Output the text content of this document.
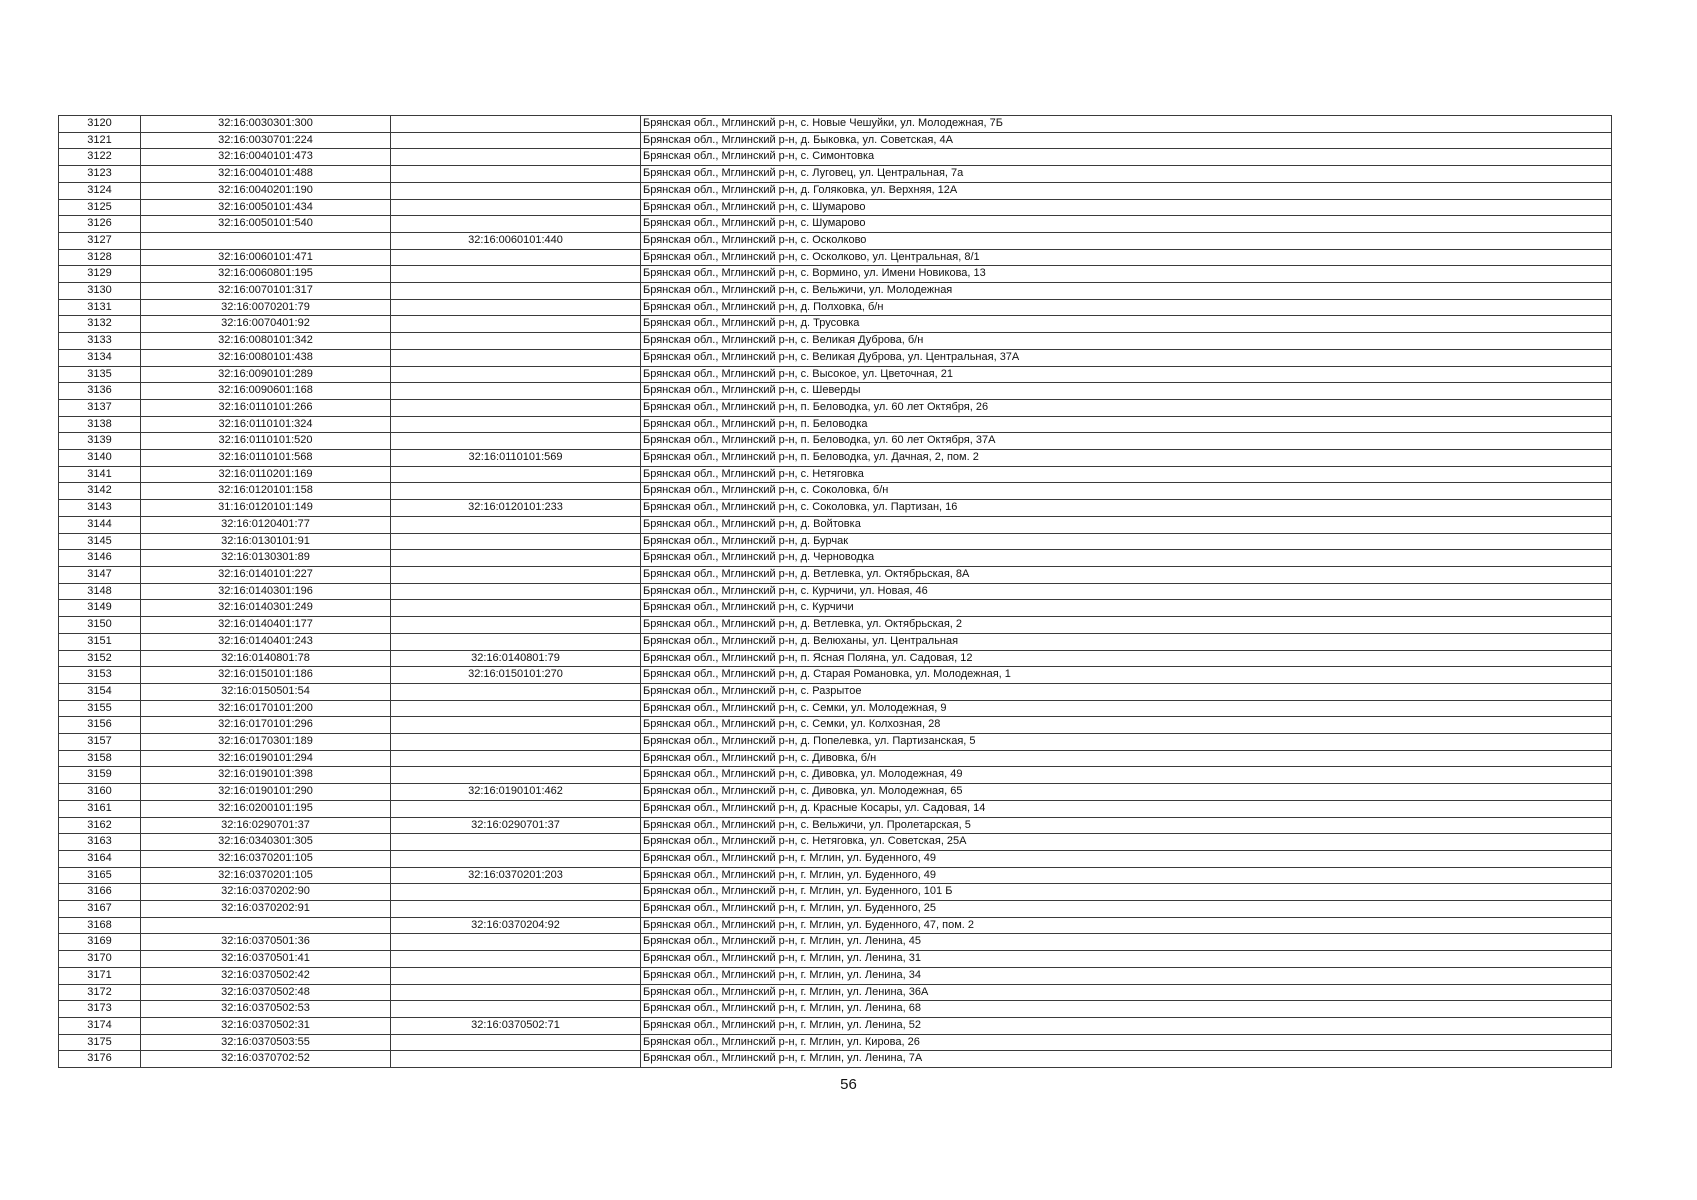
3120	32:16:0030301:300		Брянская обл., Мглинский р-н, с. Новые Чешуйки, ул. Молодежная, 7Б
3121	32:16:0030701:224		Брянская обл., Мглинский р-н, д. Быковка, ул. Советская, 4А
3122	32:16:0040101:473		Брянская обл., Мглинский р-н, с. Симонтовка
3123	32:16:0040101:488		Брянская обл., Мглинский р-н, с. Луговец, ул. Центральная, 7а
3124	32:16:0040201:190		Брянская обл., Мглинский р-н, д. Голяковка, ул. Верхняя, 12А
3125	32:16:0050101:434		Брянская обл., Мглинский р-н, с. Шумарово
3126	32:16:0050101:540		Брянская обл., Мглинский р-н, с. Шумарово
3127		32:16:0060101:440	Брянская обл., Мглинский р-н, с. Осколково
3128	32:16:0060101:471		Брянская обл., Мглинский р-н, с. Осколково, ул. Центральная, 8/1
3129	32:16:0060801:195		Брянская обл., Мглинский р-н, с. Вормино, ул. Имени Новикова, 13
3130	32:16:0070101:317		Брянская обл., Мглинский р-н, с. Вельжичи, ул. Молодежная
3131	32:16:0070201:79		Брянская обл., Мглинский р-н, д. Полховка, б/н
3132	32:16:0070401:92		Брянская обл., Мглинский р-н, д. Трусовка
3133	32:16:0080101:342		Брянская обл., Мглинский р-н, с. Великая Дуброва, б/н
3134	32:16:0080101:438		Брянская обл., Мглинский р-н, с. Великая Дуброва, ул. Центральная, 37А
3135	32:16:0090101:289		Брянская обл., Мглинский р-н, с. Высокое, ул. Цветочная, 21
3136	32:16:0090601:168		Брянская обл., Мглинский р-н, с. Шеверды
3137	32:16:0110101:266		Брянская обл., Мглинский р-н, п. Беловодка, ул. 60 лет Октября, 26
3138	32:16:0110101:324		Брянская обл., Мглинский р-н, п. Беловодка
3139	32:16:0110101:520		Брянская обл., Мглинский р-н, п. Беловодка, ул. 60 лет Октября, 37А
3140	32:16:0110101:568	32:16:0110101:569	Брянская обл., Мглинский р-н, п. Беловодка, ул. Дачная, 2, пом. 2
3141	32:16:0110201:169		Брянская обл., Мглинский р-н, с. Нетяговка
3142	32:16:0120101:158		Брянская обл., Мглинский р-н, с. Соколовка, б/н
3143	31:16:0120101:149	32:16:0120101:233	Брянская обл., Мглинский р-н, с. Соколовка, ул. Партизан, 16
3144	32:16:0120401:77		Брянская обл., Мглинский р-н, д. Войтовка
3145	32:16:0130101:91		Брянская обл., Мглинский р-н, д. Бурчак
3146	32:16:0130301:89		Брянская обл., Мглинский р-н, д. Черноводка
3147	32:16:0140101:227		Брянская обл., Мглинский р-н, д. Ветлевка, ул. Октябрьская, 8А
3148	32:16:0140301:196		Брянская обл., Мглинский р-н, с. Курчичи, ул. Новая, 46
3149	32:16:0140301:249		Брянская обл., Мглинский р-н, с. Курчичи
3150	32:16:0140401:177		Брянская обл., Мглинский р-н, д. Ветлевка, ул. Октябрьская, 2
3151	32:16:0140401:243		Брянская обл., Мглинский р-н, д. Велюханы, ул. Центральная
3152	32:16:0140801:78	32:16:0140801:79	Брянская обл., Мглинский р-н, п. Ясная Поляна, ул. Садовая, 12
3153	32:16:0150101:186	32:16:0150101:270	Брянская обл., Мглинский р-н, д. Старая Романовка, ул. Молодежная, 1
3154	32:16:0150501:54		Брянская обл., Мглинский р-н, с. Разрытое
3155	32:16:0170101:200		Брянская обл., Мглинский р-н, с. Семки, ул. Молодежная, 9
3156	32:16:0170101:296		Брянская обл., Мглинский р-н, с. Семки, ул. Колхозная, 28
3157	32:16:0170301:189		Брянская обл., Мглинский р-н, д. Попелевка, ул. Партизанская, 5
3158	32:16:0190101:294		Брянская обл., Мглинский р-н, с. Дивовка, б/н
3159	32:16:0190101:398		Брянская обл., Мглинский р-н, с. Дивовка, ул. Молодежная, 49
3160	32:16:0190101:290	32:16:0190101:462	Брянская обл., Мглинский р-н, с. Дивовка, ул. Молодежная, 65
3161	32:16:0200101:195		Брянская обл., Мглинский р-н, д. Красные Косары, ул. Садовая, 14
3162	32:16:0290701:37	32:16:0290701:37	Брянская обл., Мглинский р-н, с. Вельжичи, ул. Пролетарская, 5
3163	32:16:0340301:305		Брянская обл., Мглинский р-н, с. Нетяговка, ул. Советская, 25А
3164	32:16:0370201:105		Брянская обл., Мглинский р-н, г. Мглин, ул. Буденного, 49
3165	32:16:0370201:105	32:16:0370201:203	Брянская обл., Мглинский р-н, г. Мглин, ул. Буденного, 49
3166	32:16:0370202:90		Брянская обл., Мглинский р-н, г. Мглин, ул. Буденного, 101 Б
3167	32:16:0370202:91		Брянская обл., Мглинский р-н, г. Мглин, ул. Буденного, 25
3168		32:16:0370204:92	Брянская обл., Мглинский р-н, г. Мглин, ул. Буденного, 47, пом. 2
3169	32:16:0370501:36		Брянская обл., Мглинский р-н, г. Мглин, ул. Ленина, 45
3170	32:16:0370501:41		Брянская обл., Мглинский р-н, г. Мглин, ул. Ленина, 31
3171	32:16:0370502:42		Брянская обл., Мглинский р-н, г. Мглин, ул. Ленина, 34
3172	32:16:0370502:48		Брянская обл., Мглинский р-н, г. Мглин, ул. Ленина, 36А
3173	32:16:0370502:53		Брянская обл., Мглинский р-н, г. Мглин, ул. Ленина, 68
3174	32:16:0370502:31	32:16:0370502:71	Брянская обл., Мглинский р-н, г. Мглин, ул. Ленина, 52
3175	32:16:0370503:55		Брянская обл., Мглинский р-н, г. Мглин, ул. Кирова, 26
3176	32:16:0370702:52		Брянская обл., Мглинский р-н, г. Мглин, ул. Ленина, 7А
56
